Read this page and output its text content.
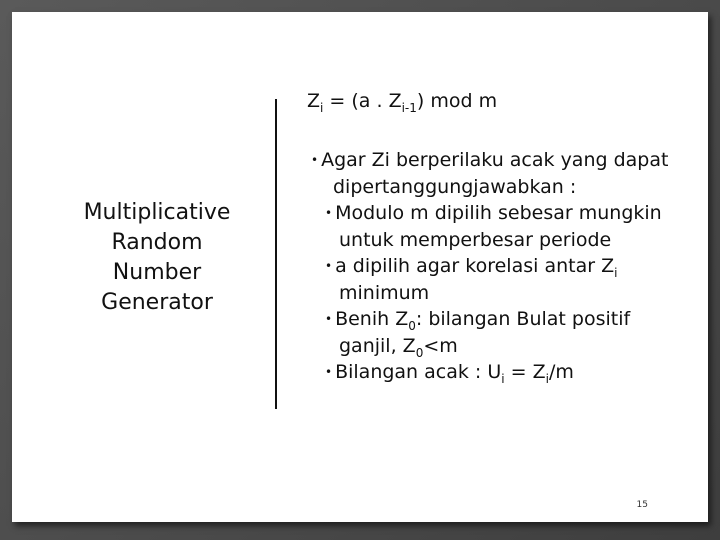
Multiplicative
Random
Number
Generator
$Z_i = (a$ . $Z_{i-1}$) mod m
• Agar Zi berperilaku acak yang dapat dipertanggungjawabkan :
• Modulo m dipilih sebesar mungkin untuk memperbesar periode
• a dipilih agar korelasi antar $Z_i$ minimum
• Benih $Z_0$: bilangan Bulat positif ganjil, $Z_0<m$
• Bilangan acak : $U_i = Z_i/m$
15
